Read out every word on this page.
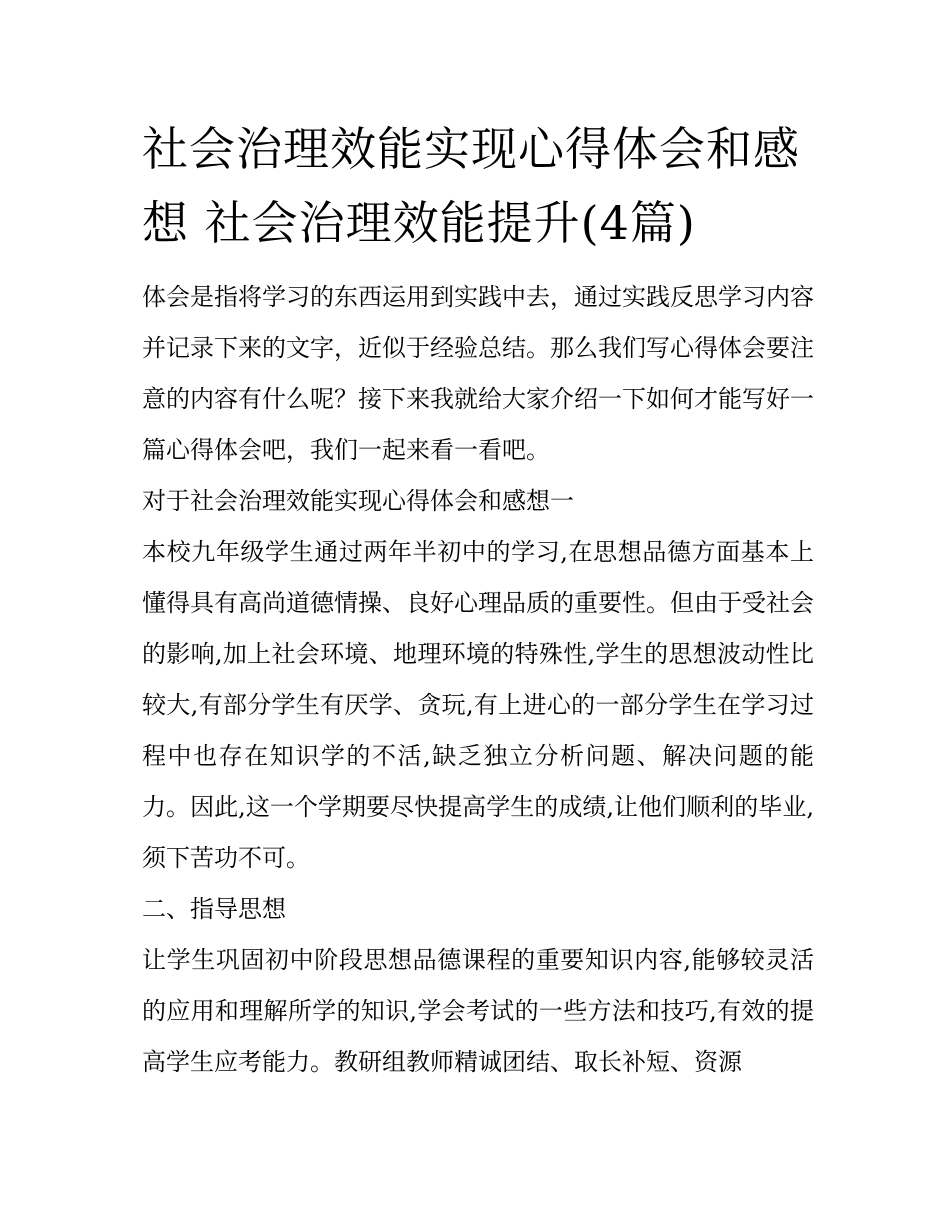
社会治理效能实现心得体会和感想 社会治理效能提升(4篇)

体会是指将学习的东西运用到实践中去，通过实践反思学习内容并记录下来的文字，近似于经验总结。那么我们写心得体会要注意的内容有什么呢？接下来我就给大家介绍一下如何才能写好一篇心得体会吧，我们一起来看一看吧。

对于社会治理效能实现心得体会和感想一

本校九年级学生通过两年半初中的学习,在思想品德方面基本上懂得具有高尚道德情操、良好心理品质的重要性。但由于受社会的影响,加上社会环境、地理环境的特殊性,学生的思想波动性比较大,有部分学生有厌学、贪玩,有上进心的一部分学生在学习过程中也存在知识学的不活,缺乏独立分析问题、解决问题的能力。因此,这一个学期要尽快提高学生的成绩,让他们顺利的毕业,须下苦功不可。

二、指导思想

让学生巩固初中阶段思想品德课程的重要知识内容,能够较灵活的应用和理解所学的知识,学会考试的一些方法和技巧,有效的提高学生应考能力。教研组教师精诚团结、取长补短、资源
